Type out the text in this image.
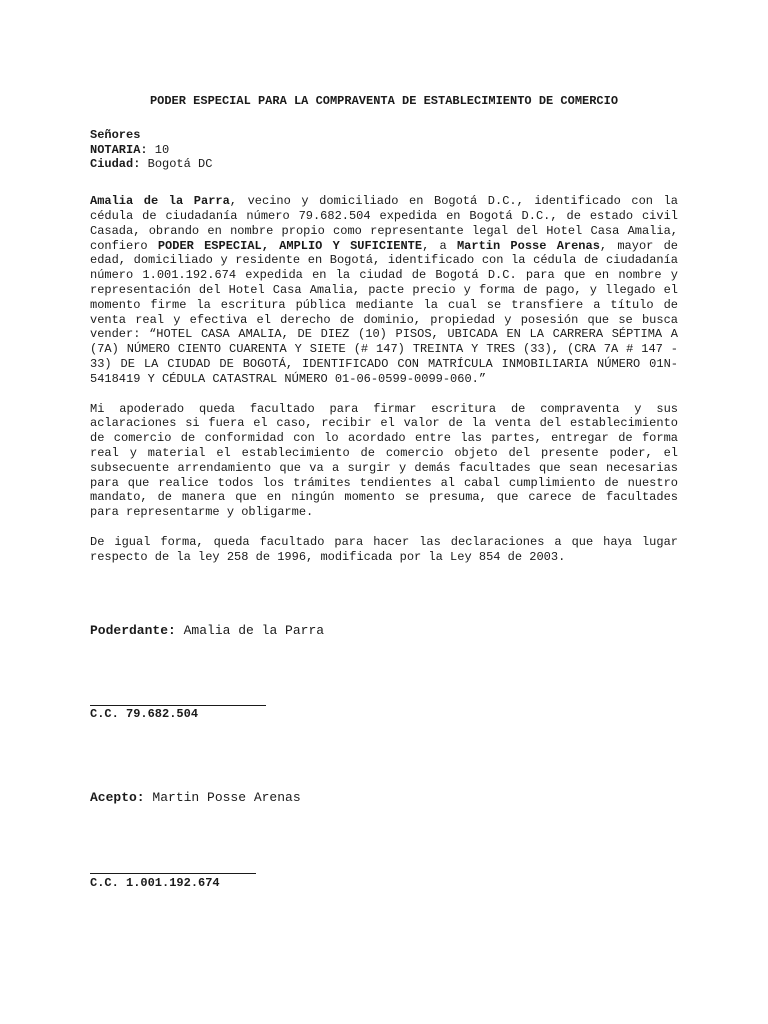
PODER ESPECIAL PARA LA COMPRAVENTA DE ESTABLECIMIENTO DE COMERCIO

Señores

NOTARIA: 10

Ciudad: Bogotá DC

Amalia de la Parra, vecino y domiciliado en Bogotá D.C., identificado con la cédula de ciudadanía número 79.682.504 expedida en Bogotá D.C., de estado civil Casada, obrando en nombre propio como representante legal del Hotel Casa Amalia, confiero PODER ESPECIAL, AMPLIO Y SUFICIENTE, a Martin Posse Arenas, mayor de edad, domiciliado y residente en Bogotá, identificado con la cédula de ciudadanía número 1.001.192.674 expedida en la ciudad de Bogotá D.C. para que en nombre y representación del Hotel Casa Amalia, pacte precio y forma de pago, y llegado el momento firme la escritura pública mediante la cual se transfiere a título de venta real y efectiva el derecho de dominio, propiedad y posesión que se busca vender: “HOTEL CASA AMALIA, DE DIEZ (10) PISOS, UBICADA EN LA CARRERA SÉPTIMA A (7A) NÚMERO CIENTO CUARENTA Y SIETE (# 147) TREINTA Y TRES (33), (CRA 7A # 147 - 33) DE LA CIUDAD DE BOGOTÁ, IDENTIFICADO CON MATRÍCULA INMOBILIARIA NÚMERO 01N-5418419 Y CÉDULA CATASTRAL NÚMERO 01-06-0599-0099-060.”

Mi apoderado queda facultado para firmar escritura de compraventa y sus aclaraciones si fuera el caso, recibir el valor de la venta del establecimiento de comercio de conformidad con lo acordado entre las partes, entregar de forma real y material el establecimiento de comercio objeto del presente poder, el subsecuente arrendamiento que va a surgir y demás facultades que sean necesarias para que realice todos los trámites tendientes al cabal cumplimiento de nuestro mandato, de manera que en ningún momento se presuma, que carece de facultades para representarme y obligarme.

De igual forma, queda facultado para hacer las declaraciones a que haya lugar respecto de la ley 258 de 1996, modificada por la Ley 854 de 2003.

Poderdante: Amalia de la Parra

C.C. 79.682.504

Acepto: Martin Posse Arenas

C.C. 1.001.192.674
